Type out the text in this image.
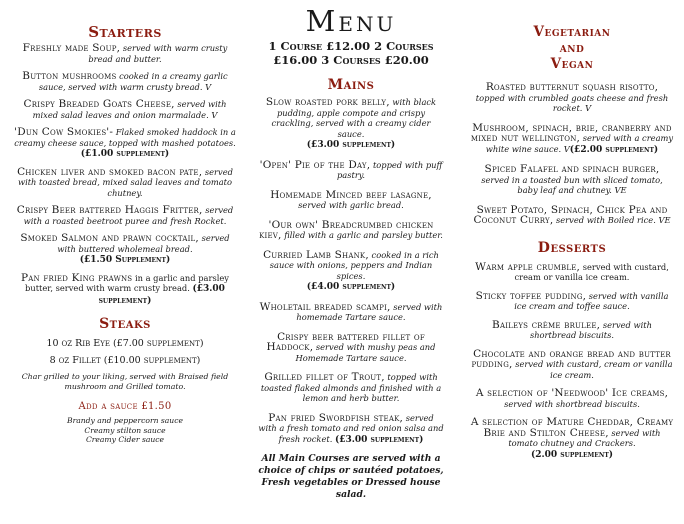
Starters

Freshly made Soup, served with warm crusty bread and butter.

Button mushrooms cooked in a creamy garlic sauce, served with warm crusty bread. V

Crispy Breaded Goats Cheese, served with mixed salad leaves and onion marmalade. V

'Dun Cow Smokies'- Flaked smoked haddock in a creamy cheese sauce, topped with mashed potatoes.(£1.00 supplement)

Chicken liver and smoked bacon pate, served with toasted bread, mixed salad leaves and tomato chutney.

Crispy Beer battered Haggis Fritter, served with a roasted beetroot puree and fresh Rocket.

Smoked Salmon and prawn cocktail, served with buttered wholemeal bread.
(£1.50 Supplement)

Pan fried King prawns in a garlic and parsley butter, served with warm crusty bread. (£3.00 supplement)

Steaks
10 oz Rib Eye (£7.00 supplement)
8 oz Fillet (£10.00 supplement)

Char grilled to your liking, served with Braised field mushroom and Grilled tomato.

Add a sauce £1.50
Brandy and peppercorn sauce
Creamy stilton sauce
Creamy Cider sauce
Menu
1 Course £12.00 2 Courses
£16.00 3 Courses £20.00
Mains

Slow roasted pork belly, with black pudding, apple compote and crispy crackling, served with a creamy cider sauce.
(£3.00 supplement)

'Open' Pie of the Day, topped with puff pastry.

Homemade Minced beef lasagne, served with garlic bread.

'Our own' Breadcrumbed chicken kiev, filled with a garlic and parsley butter.

Curried Lamb Shank, cooked in a rich sauce with onions, peppers and Indian spices.
(£4.00 supplement)

Wholetail breaded scampi, served with homemade Tartare sauce.

Crispy beer battered fillet of Haddock, served with mushy peas and Homemade Tartare sauce.

Grilled fillet of Trout, topped with toasted flaked almonds and finished with a lemon and herb butter.

Pan fried Swordfish steak, served with a fresh tomato and red onion salsa and fresh rocket. (£3.00 supplement)

All Main Courses are served with a choice of chips or sautéed potatoes, Fresh vegetables or Dressed house salad.

Vegetarian
and
Vegan

Roasted butternut squash risotto, topped with crumbled goats cheese and fresh rocket. V

Mushroom, spinach, brie, cranberry and mixed nut wellington, served with a creamy white wine sauce. V(£2.00 supplement)

Spiced Falafel and spinach burger, served in a toasted bun with sliced tomato, baby leaf and chutney. VE

Sweet Potato, Spinach, Chick Pea and Coconut Curry, served with Boiled rice. VE

Desserts

Warm apple crumble, served with custard, cream or vanilla ice cream.

Sticky toffee pudding, served with vanilla ice cream and toffee sauce.

Baileys crème brulee, served with shortbread biscuits.

Chocolate and orange bread and butter pudding, served with custard, cream or vanilla ice cream.

A selection of 'Needwood' Ice creams, served with shortbread biscuits.

A selection of Mature Cheddar, Creamy Brie and Stilton Cheese, served with tomato chutney and Crackers.
(2.00 supplement)
